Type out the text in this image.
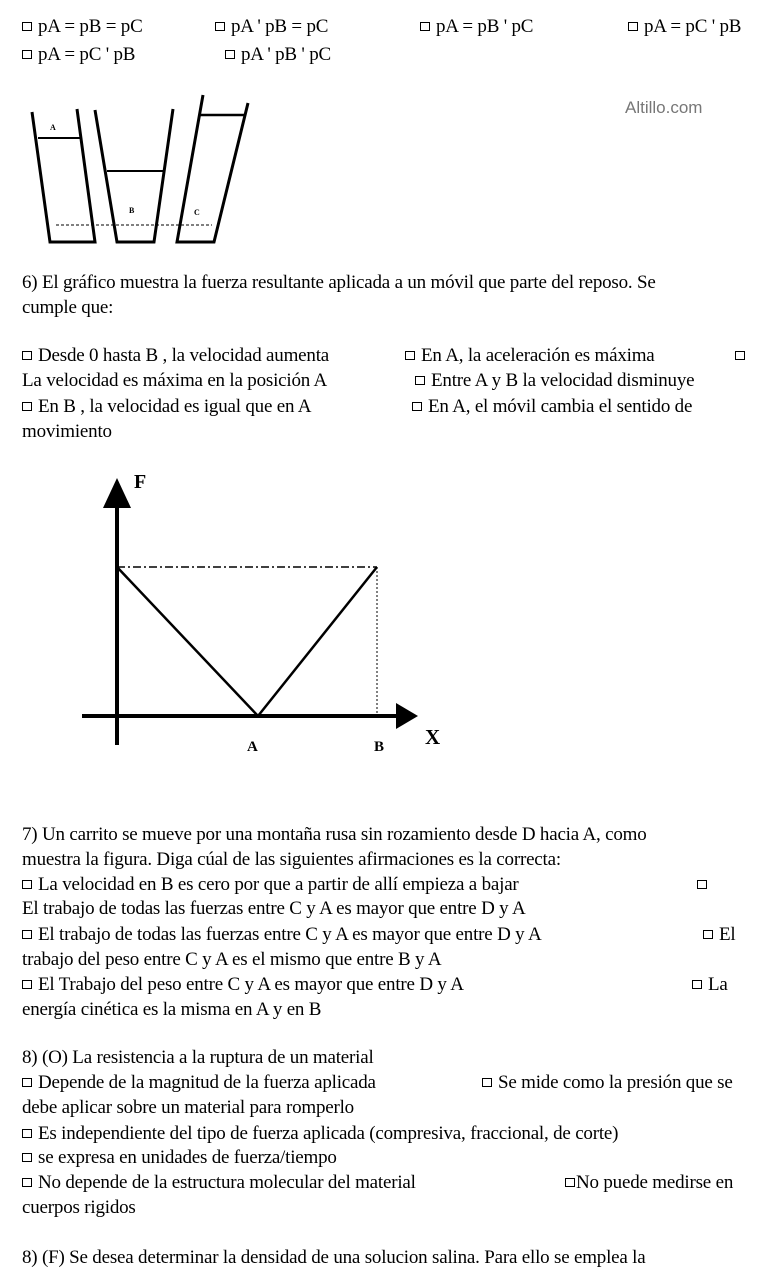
pA = pB = pC	pA ' pB = pC	pA = pB ' pC	pA = pC ' pB
pA = pC ' pB	pA ' pB ' pC
Altillo.com
A
B	C
F
X
A	B
6) El gráfico muestra la fuerza resultante aplicada a un móvil que parte del reposo. Se
cumple que:
Desde 0 hasta B , la velocidad aumenta	En A, la aceleración es máxima
La velocidad es máxima en la posición A	Entre A y B la velocidad disminuye
En B , la velocidad es igual que en A	En A, el móvil cambia el sentido de
movimiento
7) Un carrito se mueve por una montaña rusa sin rozamiento desde D hacia A, como
muestra la figura. Diga cúal de las siguientes afirmaciones es la correcta:
La velocidad en B es cero por que a partir de allí empieza a bajar
El trabajo de todas las fuerzas entre C y A es mayor que entre D y A
El trabajo de todas las fuerzas entre C y A es mayor que entre D y A	El
trabajo del peso entre C y A es el mismo que entre B y A
El Trabajo del peso entre C y A es mayor que entre D y A	La
energía cinética es la misma en A y en B
8) (O) La resistencia a la ruptura de un material
Depende de la magnitud de la fuerza aplicada	Se mide como la presión que se
debe aplicar sobre un material para romperlo
Es independiente del tipo de fuerza aplicada (compresiva, fraccional, de corte)
se expresa en unidades de fuerza/tiempo
No depende de la estructura molecular del material	No puede medirse en
cuerpos rigidos
8) (F) Se desea determinar la densidad de una solucion salina. Para ello se emplea la
